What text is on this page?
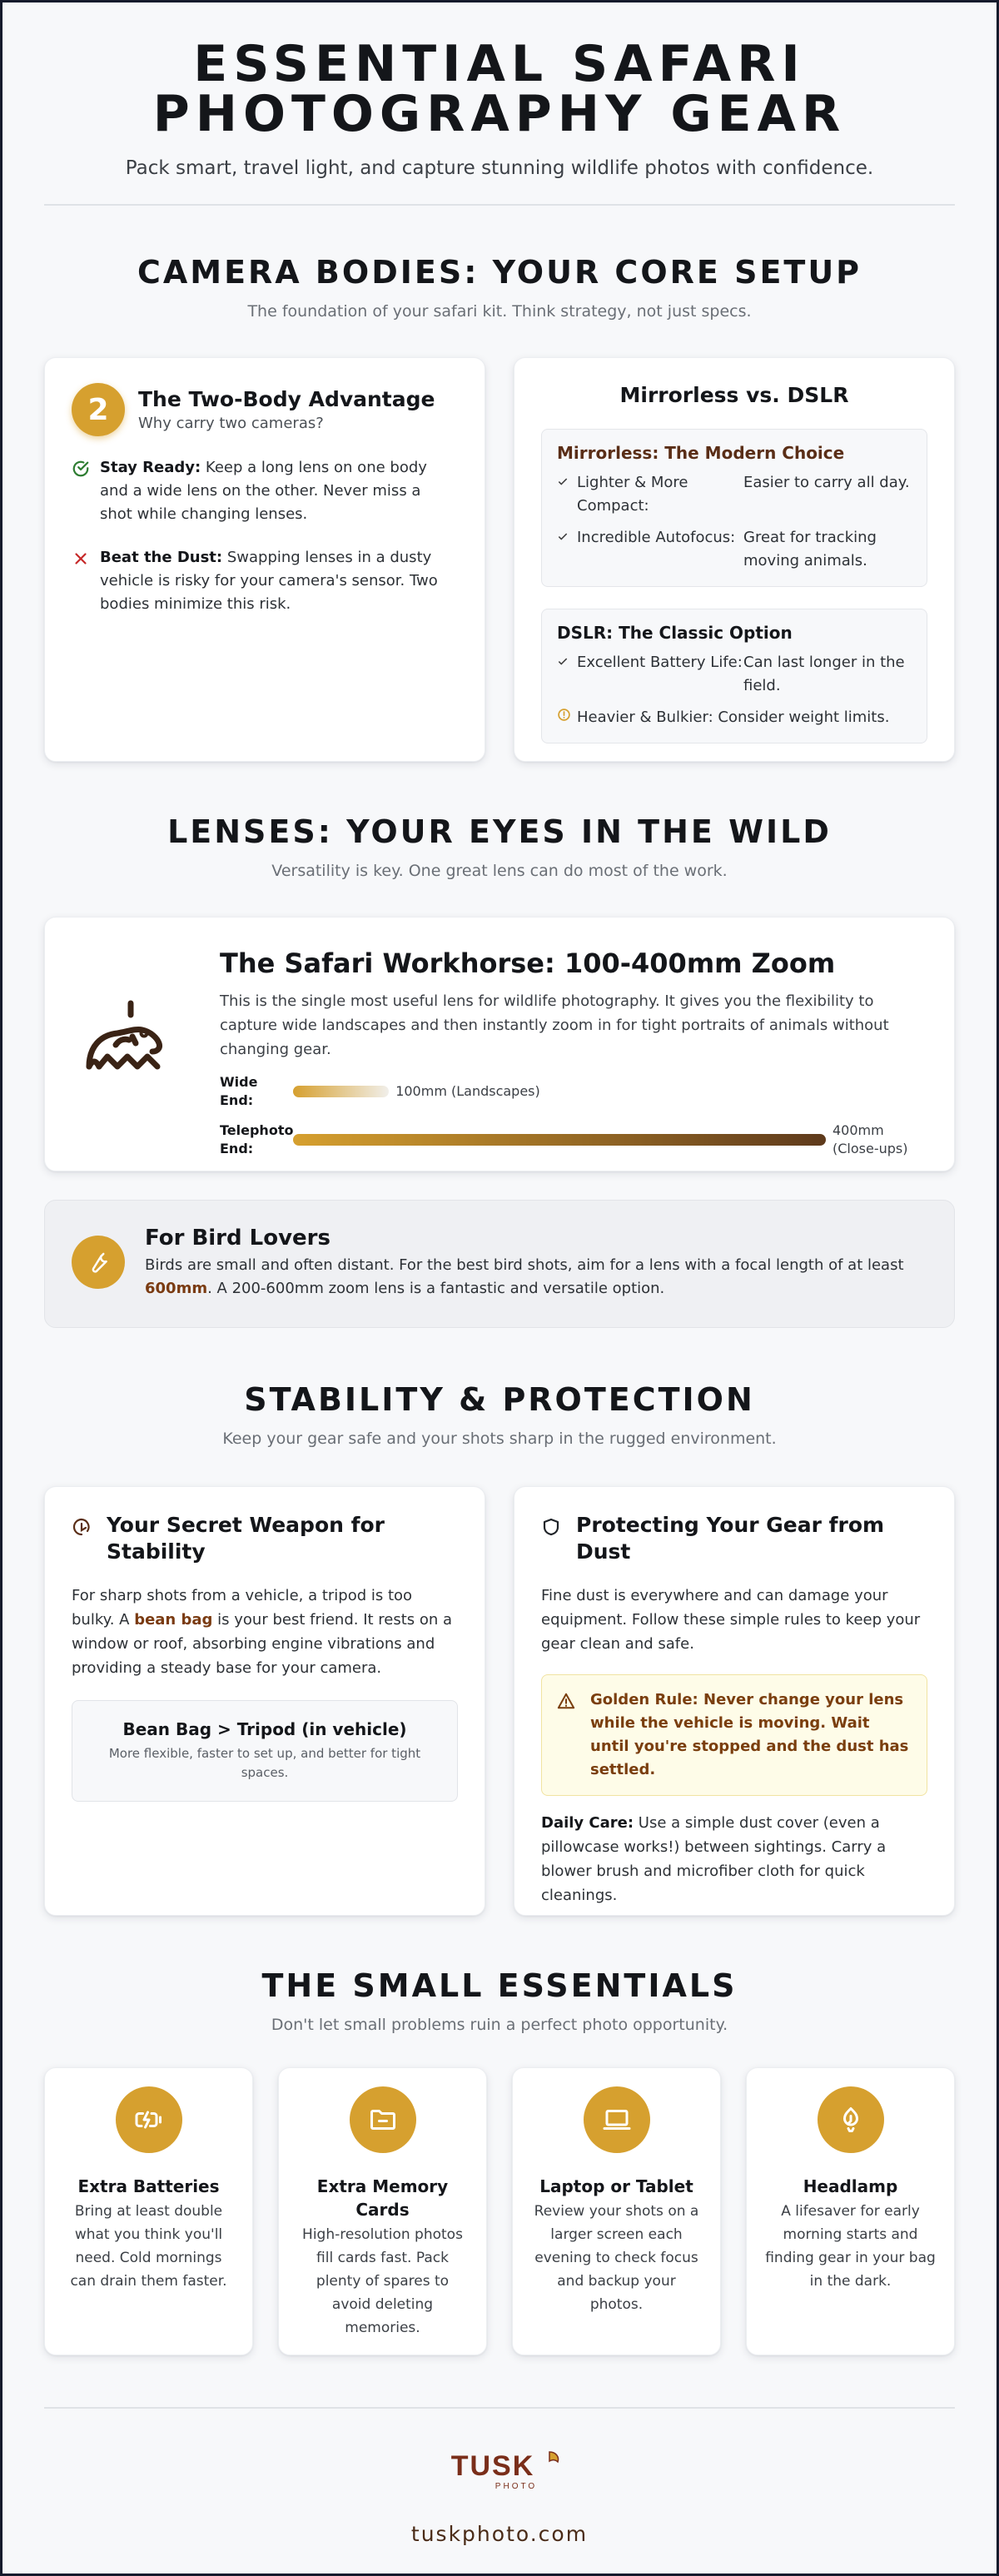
ESSENTIAL SAFARI
PHOTOGRAPHY GEAR

Pack smart, travel light, and capture stunning wildlife photos with confidence.

CAMERA BODIES: YOUR CORE SETUP

The foundation of your safari kit. Think strategy, not just specs.

2	The Two-Body Advantage

Why carry two cameras?

Stay Ready: Keep a long lens on one body and a wide lens on the other. Never miss a shot while changing lenses.
Beat the Dust: Swapping lenses in a dusty vehicle is risky for your camera's sensor. Two bodies minimize this risk.
Mirrorless vs. DSLR
Mirrorless: The Modern Choice
Lighter & More Compact:
Easier to carry all day.
Incredible Autofocus: Great for tracking moving animals.
DSLR: The Classic Option
Excellent Battery Life: Can last longer in the field.
Heavier & Bulkier: Consider weight limits.
LENSES: YOUR EYES IN THE WILD

Versatility is key. One great lens can do most of the work.

The Safari Workhorse: 100-400mm Zoom

This is the single most useful lens for wildlife photography. It gives you the flexibility to capture wide landscapes and then instantly zoom in for tight portraits of animals without changing gear.

Wide End:
100mm (Landscapes)
Telephoto End:
400mm (Close-ups)
For Bird Lovers

Birds are small and often distant. For the best bird shots, aim for a lens with a focal length of at least 600mm. A 200-600mm zoom lens is a fantastic and versatile option.

STABILITY & PROTECTION

Keep your gear safe and your shots sharp in the rugged environment.

Your Secret Weapon for Stability

For sharp shots from a vehicle, a tripod is too bulky. A bean bag is your best friend. It rests on a window or roof, absorbing engine vibrations and providing a steady base for your camera.

Bean Bag > Tripod (in vehicle)

More flexible, faster to set up, and better for tight spaces.

Protecting Your Gear from Dust

Fine dust is everywhere and can damage your equipment. Follow these simple rules to keep your gear clean and safe.

Golden Rule: Never change your lens while the vehicle is moving. Wait until you're stopped and the dust has settled.

Daily Care: Use a simple dust cover (even a pillowcase works!) between sightings. Carry a blower brush and microfiber cloth for quick cleanings.

THE SMALL ESSENTIALS

Don't let small problems ruin a perfect photo opportunity.

Extra Batteries

Bring at least double what you think you'll need. Cold mornings can drain them faster.

Extra Memory Cards

High-resolution photos fill cards fast. Pack plenty of spares to avoid deleting memories.

Laptop or Tablet

Review your shots on a larger screen each evening to check focus and backup your photos.

Headlamp

A lifesaver for early morning starts and finding gear in your bag in the dark.

TUSK
PHOTO
tuskphoto.com
